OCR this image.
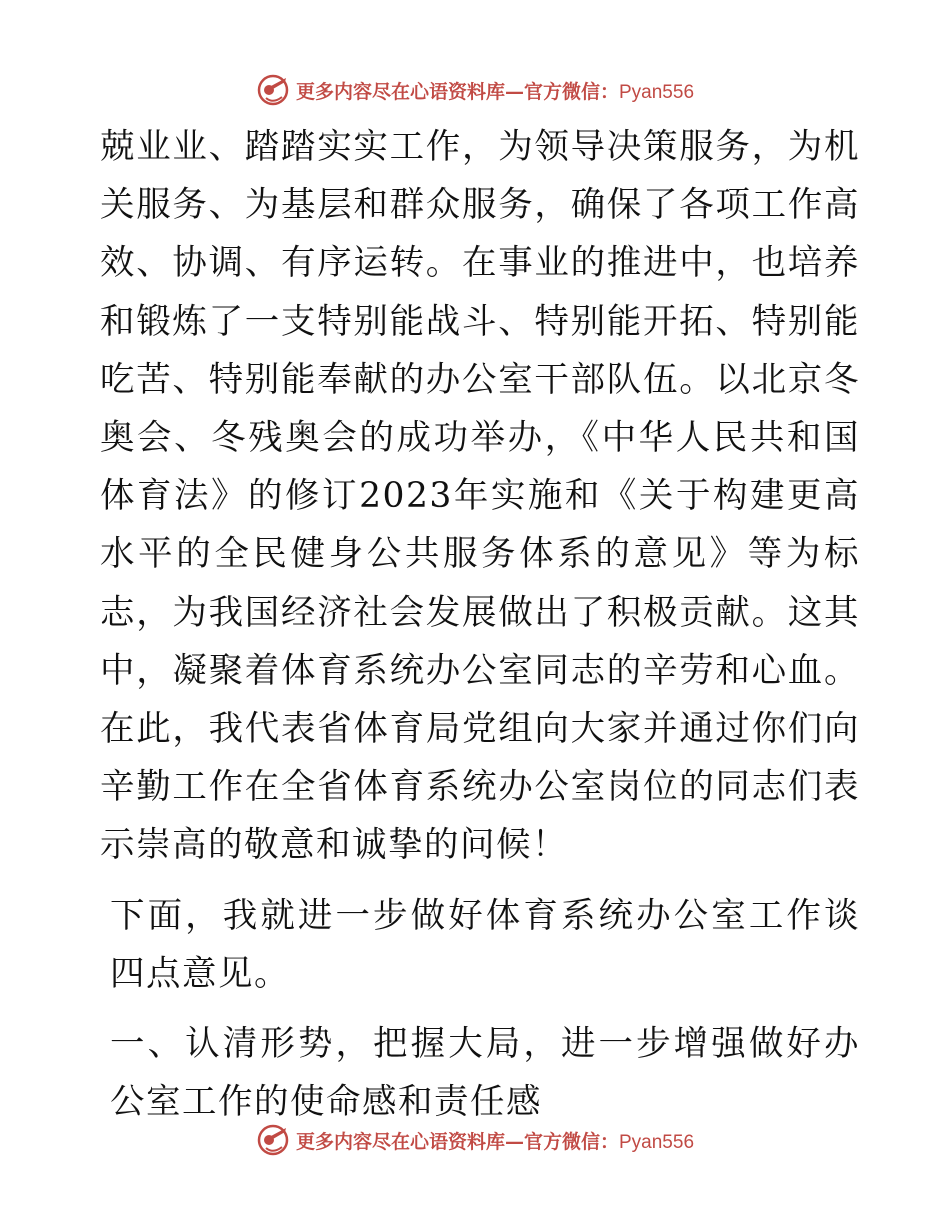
更多内容尽在心语资料库—官方微信：Pyan556

兢业业、踏踏实实工作，为领导决策服务，为机关服务、为基层和群众服务，确保了各项工作高效、协调、有序运转。在事业的推进中，也培养和锻炼了一支特别能战斗、特别能开拓、特别能吃苦、特别能奉献的办公室干部队伍。以北京冬奥会、冬残奥会的成功举办，《中华人民共和国体育法》的修订2023年实施和《关于构建更高水平的全民健身公共服务体系的意见》等为标志，为我国经济社会发展做出了积极贡献。这其中，凝聚着体育系统办公室同志的辛劳和心血。在此，我代表省体育局党组向大家并通过你们向辛勤工作在全省体育系统办公室岗位的同志们表示崇高的敬意和诚挚的问候！

下面，我就进一步做好体育系统办公室工作谈四点意见。

一、认清形势，把握大局，进一步增强做好办公室工作的使命感和责任感

更多内容尽在心语资料库—官方微信：Pyan556
